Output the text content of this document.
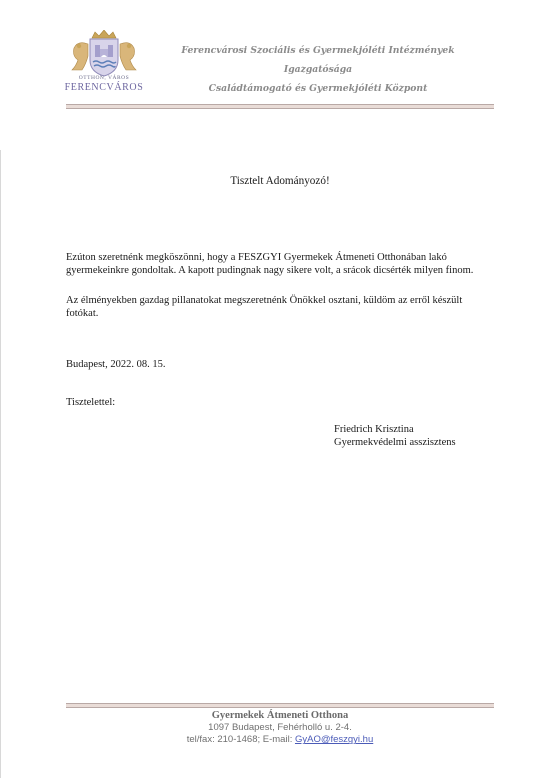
OTTHON, VÁROS
FERENCVÁROS
Ferencvárosi Szociális és Gyermekjóléti Intézmények
Igazgatósága
Családtámogató és Gyermekjóléti Központ
Tisztelt Adományozó!
Ezúton szeretnénk megköszönni, hogy a FESZGYI Gyermekek Átmeneti Otthonában lakó gyermekeinkre gondoltak. A kapott pudingnak nagy sikere volt, a srácok dicsérték milyen finom.
Az élményekben gazdag pillanatokat megszeretnénk Önökkel osztani, küldöm az erről készült fotókat.
Budapest, 2022. 08. 15.
Tisztelettel:
Friedrich Krisztina
Gyermekvédelmi asszisztens
Gyermekek Átmeneti Otthona
1097 Budapest, Fehérholló u. 2-4.
tel/fax: 210-1468; E-mail: GyAO@feszgyi.hu
